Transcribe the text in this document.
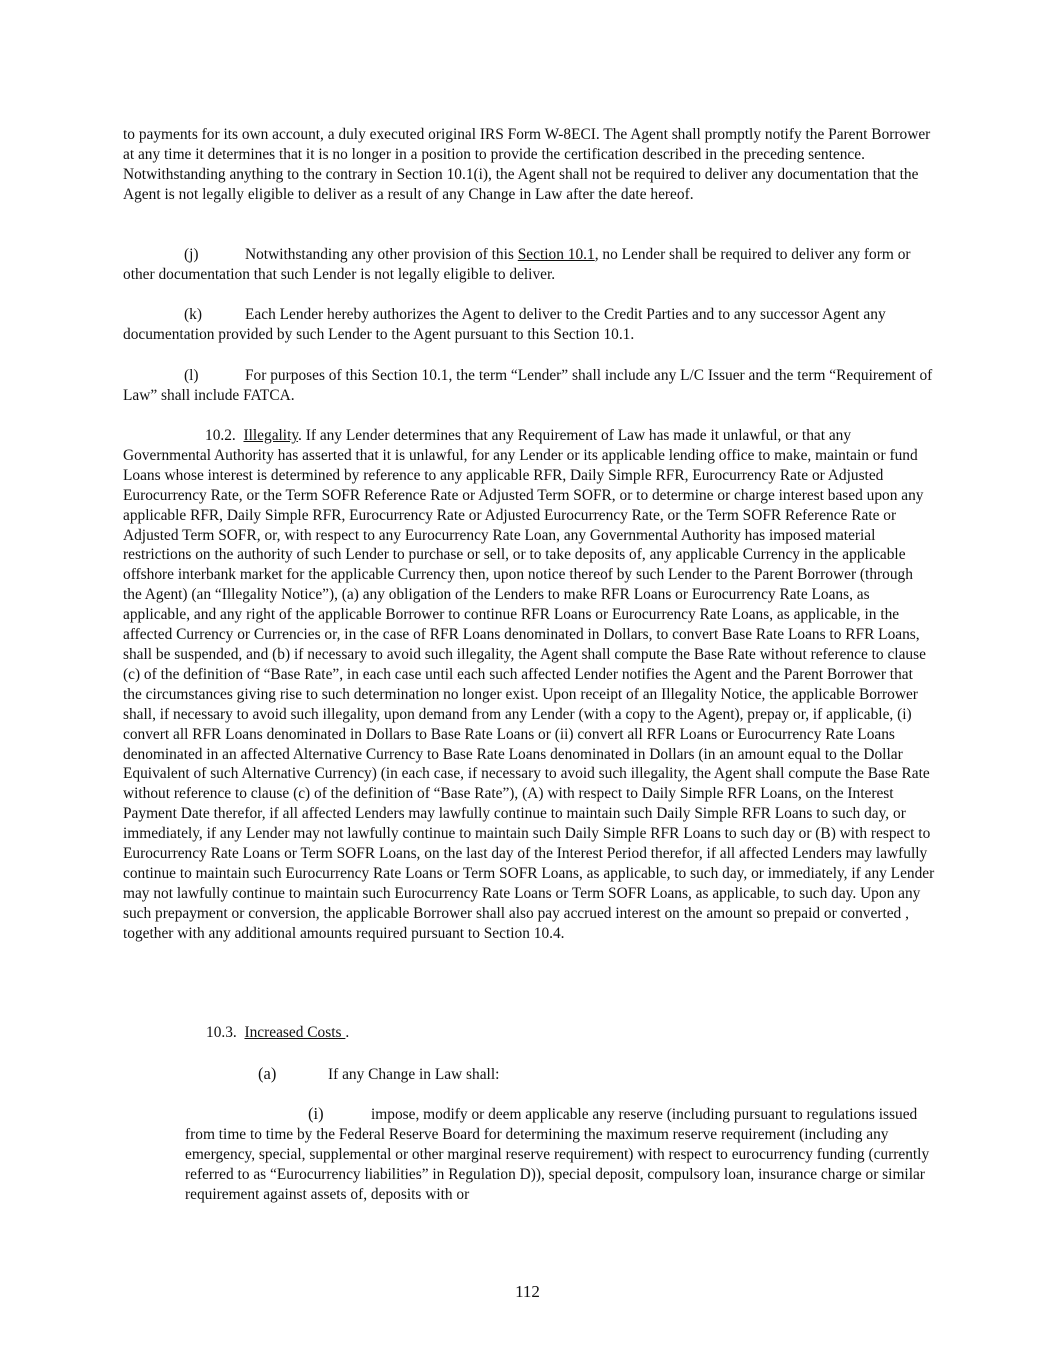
to payments for its own account, a duly executed original IRS Form W-8ECI. The Agent shall promptly notify the Parent Borrower at any time it determines that it is no longer in a position to provide the certification described in the preceding sentence. Notwithstanding anything to the contrary in Section 10.1(i), the Agent shall not be required to deliver any documentation that the Agent is not legally eligible to deliver as a result of any Change in Law after the date hereof.

(j)	Notwithstanding any other provision of this Section 10.1, no Lender shall be required to deliver any form or other documentation that such Lender is not legally eligible to deliver.

(k)	Each Lender hereby authorizes the Agent to deliver to the Credit Parties and to any successor Agent any documentation provided by such Lender to the Agent pursuant to this Section 10.1.

(l)	For purposes of this Section 10.1, the term “Lender” shall include any L/C Issuer and the term “Requirement of Law” shall include FATCA.

10.2. Illegality. If any Lender determines that any Requirement of Law has made it unlawful, or that any Governmental Authority has asserted that it is unlawful, for any Lender or its applicable lending office to make, maintain or fund Loans whose interest is determined by reference to any applicable RFR, Daily Simple RFR, Eurocurrency Rate or Adjusted Eurocurrency Rate, or the Term SOFR Reference Rate or Adjusted Term SOFR, or to determine or charge interest based upon any applicable RFR, Daily Simple RFR, Eurocurrency Rate or Adjusted Eurocurrency Rate, or the Term SOFR Reference Rate or Adjusted Term SOFR, or, with respect to any Eurocurrency Rate Loan, any Governmental Authority has imposed material restrictions on the authority of such Lender to purchase or sell, or to take deposits of, any applicable Currency in the applicable offshore interbank market for the applicable Currency then, upon notice thereof by such Lender to the Parent Borrower (through the Agent) (an “Illegality Notice”), (a) any obligation of the Lenders to make RFR Loans or Eurocurrency Rate Loans, as applicable, and any right of the applicable Borrower to continue RFR Loans or Eurocurrency Rate Loans, as applicable, in the affected Currency or Currencies or, in the case of RFR Loans denominated in Dollars, to convert Base Rate Loans to RFR Loans, shall be suspended, and (b) if necessary to avoid such illegality, the Agent shall compute the Base Rate without reference to clause (c) of the definition of “Base Rate”, in each case until each such affected Lender notifies the Agent and the Parent Borrower that the circumstances giving rise to such determination no longer exist. Upon receipt of an Illegality Notice, the applicable Borrower shall, if necessary to avoid such illegality, upon demand from any Lender (with a copy to the Agent), prepay or, if applicable, (i) convert all RFR Loans denominated in Dollars to Base Rate Loans or (ii) convert all RFR Loans or Eurocurrency Rate Loans denominated in an affected Alternative Currency to Base Rate Loans denominated in Dollars (in an amount equal to the Dollar Equivalent of such Alternative Currency) (in each case, if necessary to avoid such illegality, the Agent shall compute the Base Rate without reference to clause (c) of the definition of “Base Rate”), (A) with respect to Daily Simple RFR Loans, on the Interest Payment Date therefor, if all affected Lenders may lawfully continue to maintain such Daily Simple RFR Loans to such day, or immediately, if any Lender may not lawfully continue to maintain such Daily Simple RFR Loans to such day or (B) with respect to Eurocurrency Rate Loans or Term SOFR Loans, on the last day of the Interest Period therefor, if all affected Lenders may lawfully continue to maintain such Eurocurrency Rate Loans or Term SOFR Loans, as applicable, to such day, or immediately, if any Lender may not lawfully continue to maintain such Eurocurrency Rate Loans or Term SOFR Loans, as applicable, to such day. Upon any such prepayment or conversion, the applicable Borrower shall also pay accrued interest on the amount so prepaid or converted , together with any additional amounts required pursuant to Section 10.4.

10.3. Increased Costs .
(a)	If any Change in Law shall:
(i)	impose, modify or deem applicable any reserve (including pursuant to regulations issued from time to time by the Federal Reserve Board for determining the maximum reserve requirement (including any emergency, special, supplemental or other marginal reserve requirement) with respect to eurocurrency funding (currently referred to as “Eurocurrency liabilities” in Regulation D)), special deposit, compulsory loan, insurance charge or similar requirement against assets of, deposits with or
112
